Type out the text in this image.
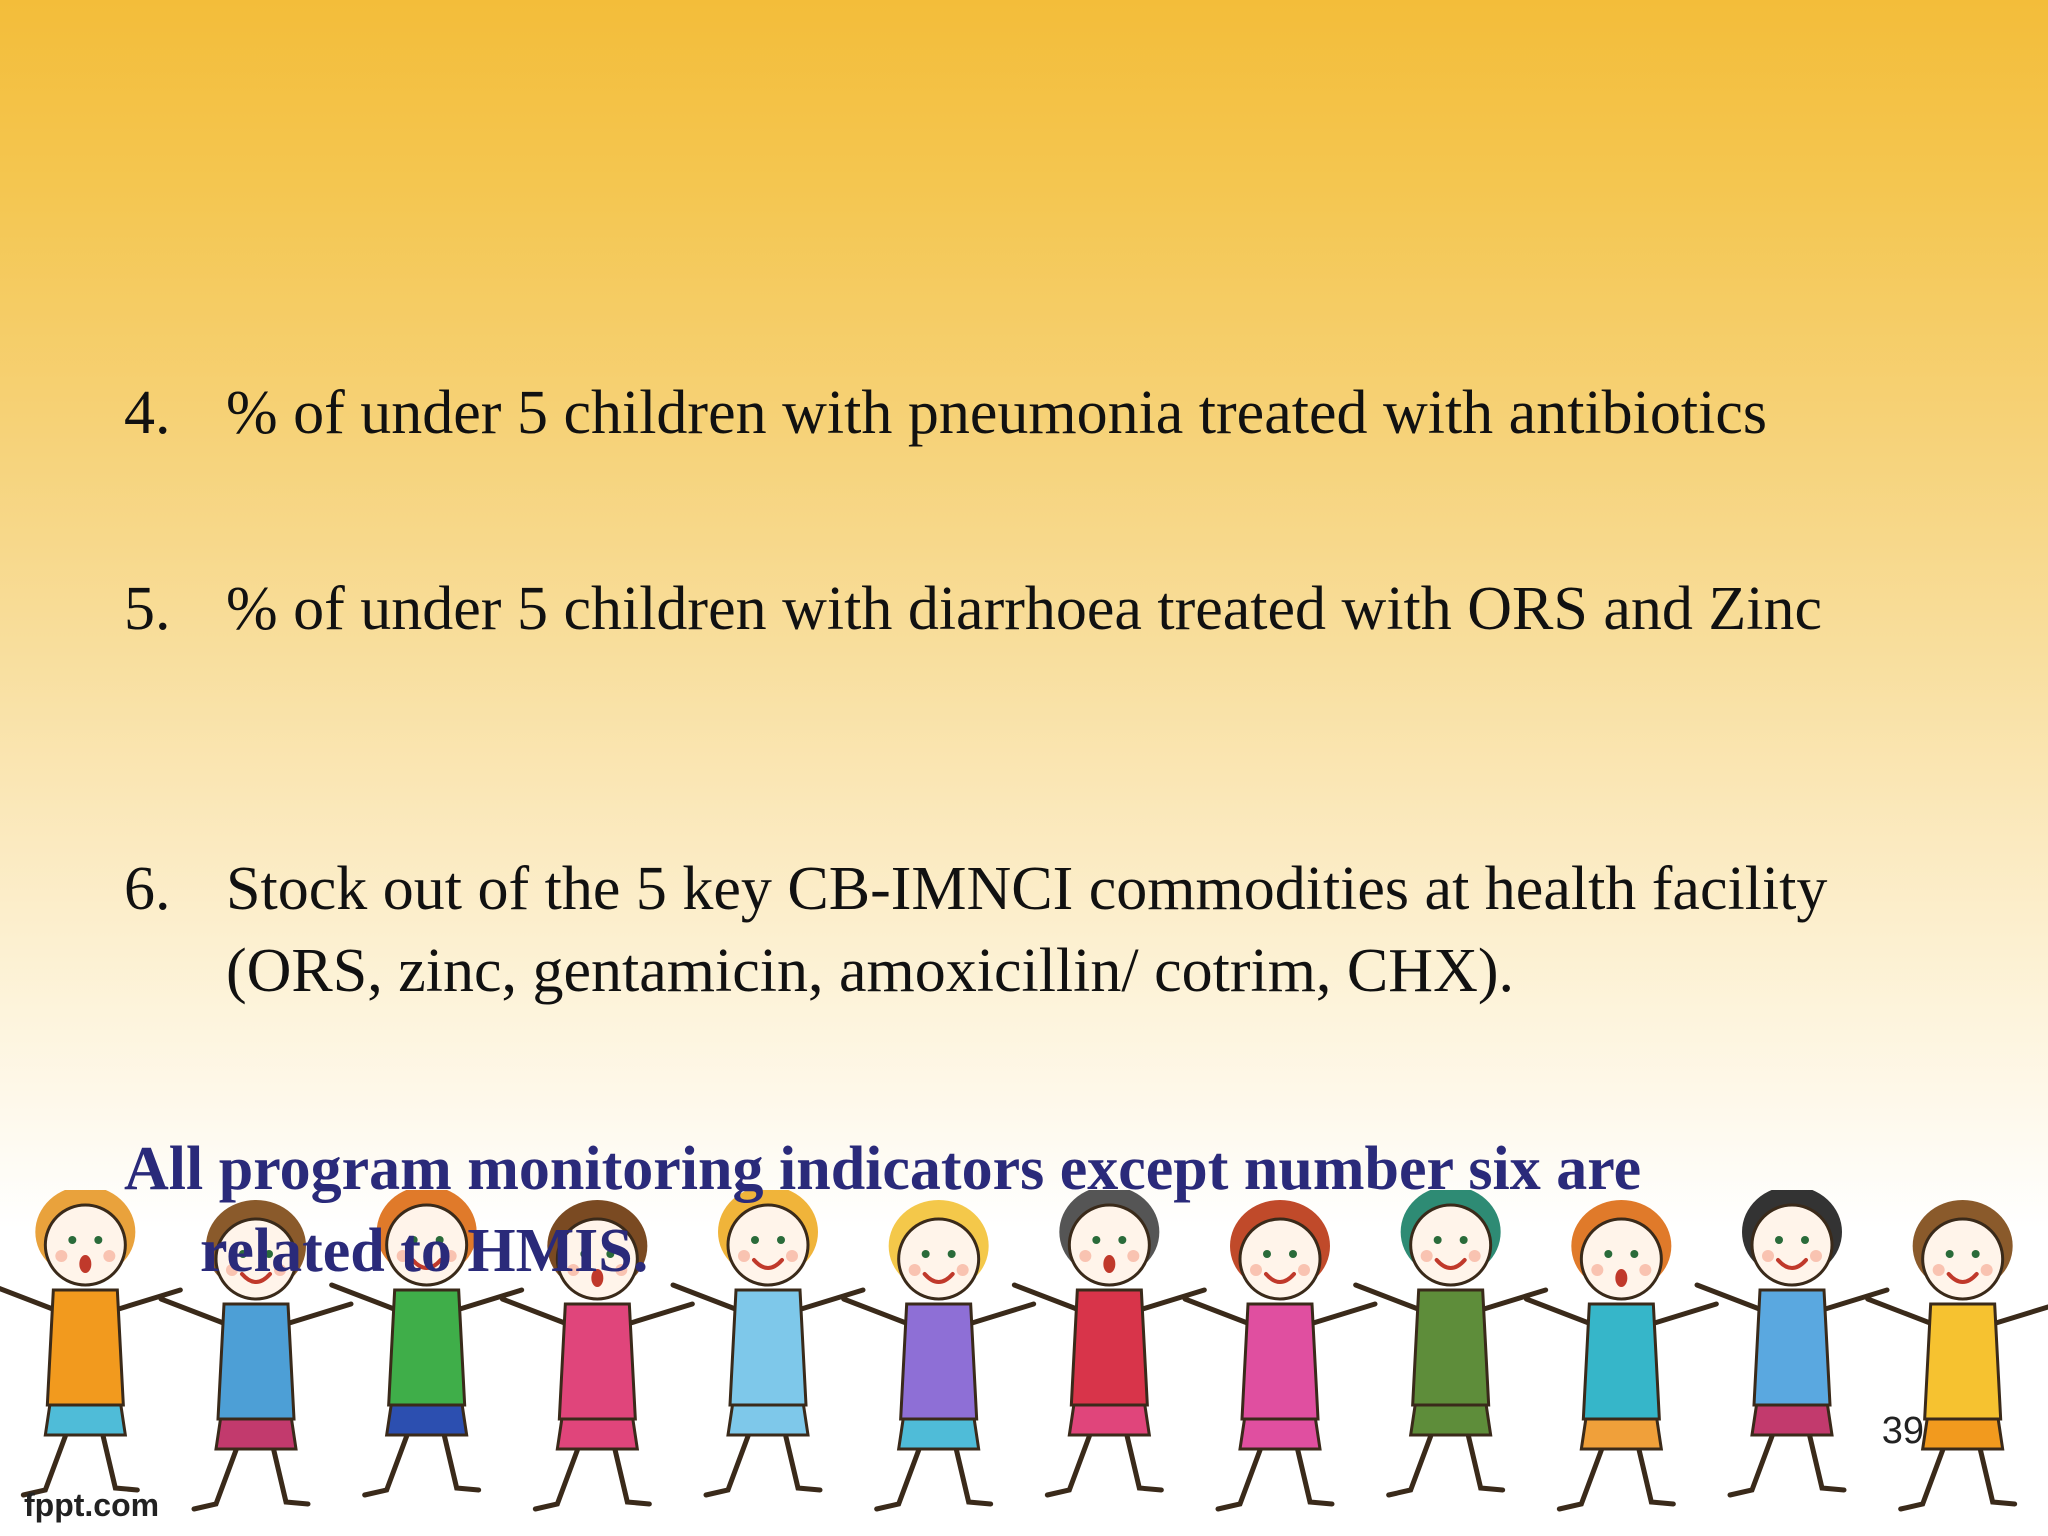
4. % of under 5 children with pneumonia treated with antibiotics
5. % of under 5 children with diarrhoea treated with ORS and Zinc
6. Stock out of the 5 key CB-IMNCI commodities at health facility (ORS, zinc, gentamicin, amoxicillin/ cotrim, CHX).
All program monitoring indicators except number six are
related to HMIS.
39
fppt.com
